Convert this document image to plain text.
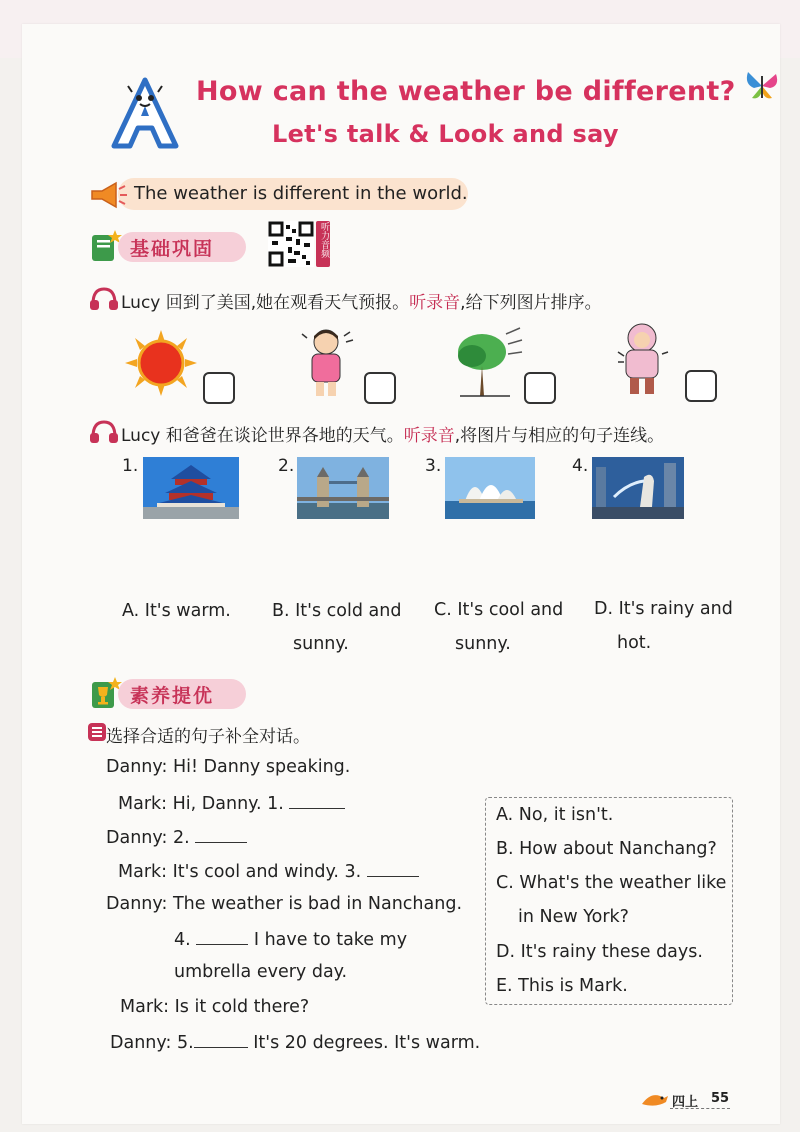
How can the weather be different?
Let's talk & Look and say
The weather is different in the world.
基础巩固	听力音频
Lucy 回到了美国,她在观看天气预报。听录音,给下列图片排序。
Lucy 和爸爸在谈论世界各地的天气。听录音,将图片与相应的句子连线。
1.	2.	3.	4.
A. It's warm. B. It's cold and
sunny.
C. It's cool and
sunny.
D. It's rainy and
hot.
素养提优
选择合适的句子补全对话。
Danny: Hi! Danny speaking.
Mark: Hi, Danny. 1.
Danny: 2.
Mark: It's cool and windy. 3.
Danny: The weather is bad in Nanchang.
4.	I have to take my
umbrella every day.
Mark: Is it cold there?
Danny: 5.	It's 20 degrees. It's warm.
A. No, it isn't.
B. How about Nanchang?
C. What's the weather like
in New York?
D. It's rainy these days.
E. This is Mark.
四上 55
